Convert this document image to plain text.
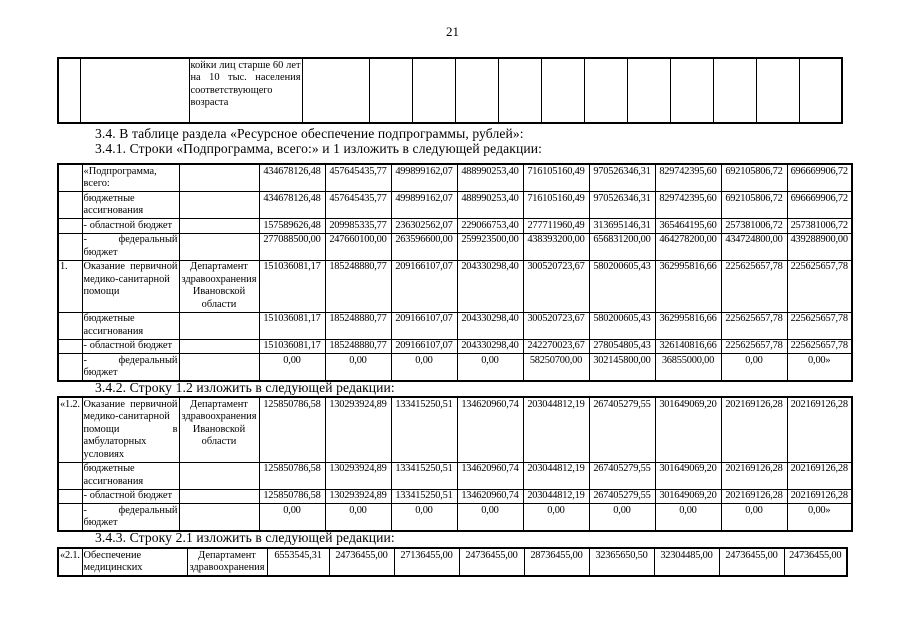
21
		койки лиц старше 60 лет на 10 тыс. населения соответствующего возраста												
3.4. В таблице раздела «Ресурсное обеспечение подпрограммы, рублей»:
3.4.1. Строки «Подпрограмма, всего:» и 1 изложить в следующей редакции:
	«Подпрограмма, всего:		434678126,48	457645435,77	499899162,07	488990253,40	716105160,49	970526346,31	829742395,60	692105806,72	696669906,72
	бюджетные ассигнования		434678126,48	457645435,77	499899162,07	488990253,40	716105160,49	970526346,31	829742395,60	692105806,72	696669906,72
	- областной бюджет		157589626,48	209985335,77	236302562,07	229066753,40	277711960,49	313695146,31	365464195,60	257381006,72	257381006,72
	- федеральный бюджет		277088500,00	247660100,00	263596600,00	259923500,00	438393200,00	656831200,00	464278200,00	434724800,00	439288900,00
1.	Оказание первичной медико-санитарной помощи	Департамент здравоохранения Ивановской области	151036081,17	185248880,77	209166107,07	204330298,40	300520723,67	580200605,43	362995816,66	225625657,78	225625657,78
	бюджетные ассигнования		151036081,17	185248880,77	209166107,07	204330298,40	300520723,67	580200605,43	362995816,66	225625657,78	225625657,78
	- областной бюджет		151036081,17	185248880,77	209166107,07	204330298,40	242270023,67	278054805,43	326140816,66	225625657,78	225625657,78
	- федеральный бюджет		0,00	0,00	0,00	0,00	58250700,00	302145800,00	36855000,00	0,00	0,00»
3.4.2. Строку 1.2 изложить в следующей редакции:
«1.2.	Оказание первичной медико-санитарной помощи в амбулаторных условиях	Департамент здравоохранения Ивановской области	125850786,58	130293924,89	133415250,51	134620960,74	203044812,19	267405279,55	301649069,20	202169126,28	202169126,28
	бюджетные ассигнования		125850786,58	130293924,89	133415250,51	134620960,74	203044812,19	267405279,55	301649069,20	202169126,28	202169126,28
	- областной бюджет		125850786,58	130293924,89	133415250,51	134620960,74	203044812,19	267405279,55	301649069,20	202169126,28	202169126,28
	- федеральный бюджет		0,00	0,00	0,00	0,00	0,00	0,00	0,00	0,00	0,00»
3.4.3. Строку 2.1 изложить в следующей редакции:
«2.1.	Обеспечение медицинских	Департамент здравоохранения	6553545,31	24736455,00	27136455,00	24736455,00	28736455,00	32365650,50	32304485,00	24736455,00	24736455,00
